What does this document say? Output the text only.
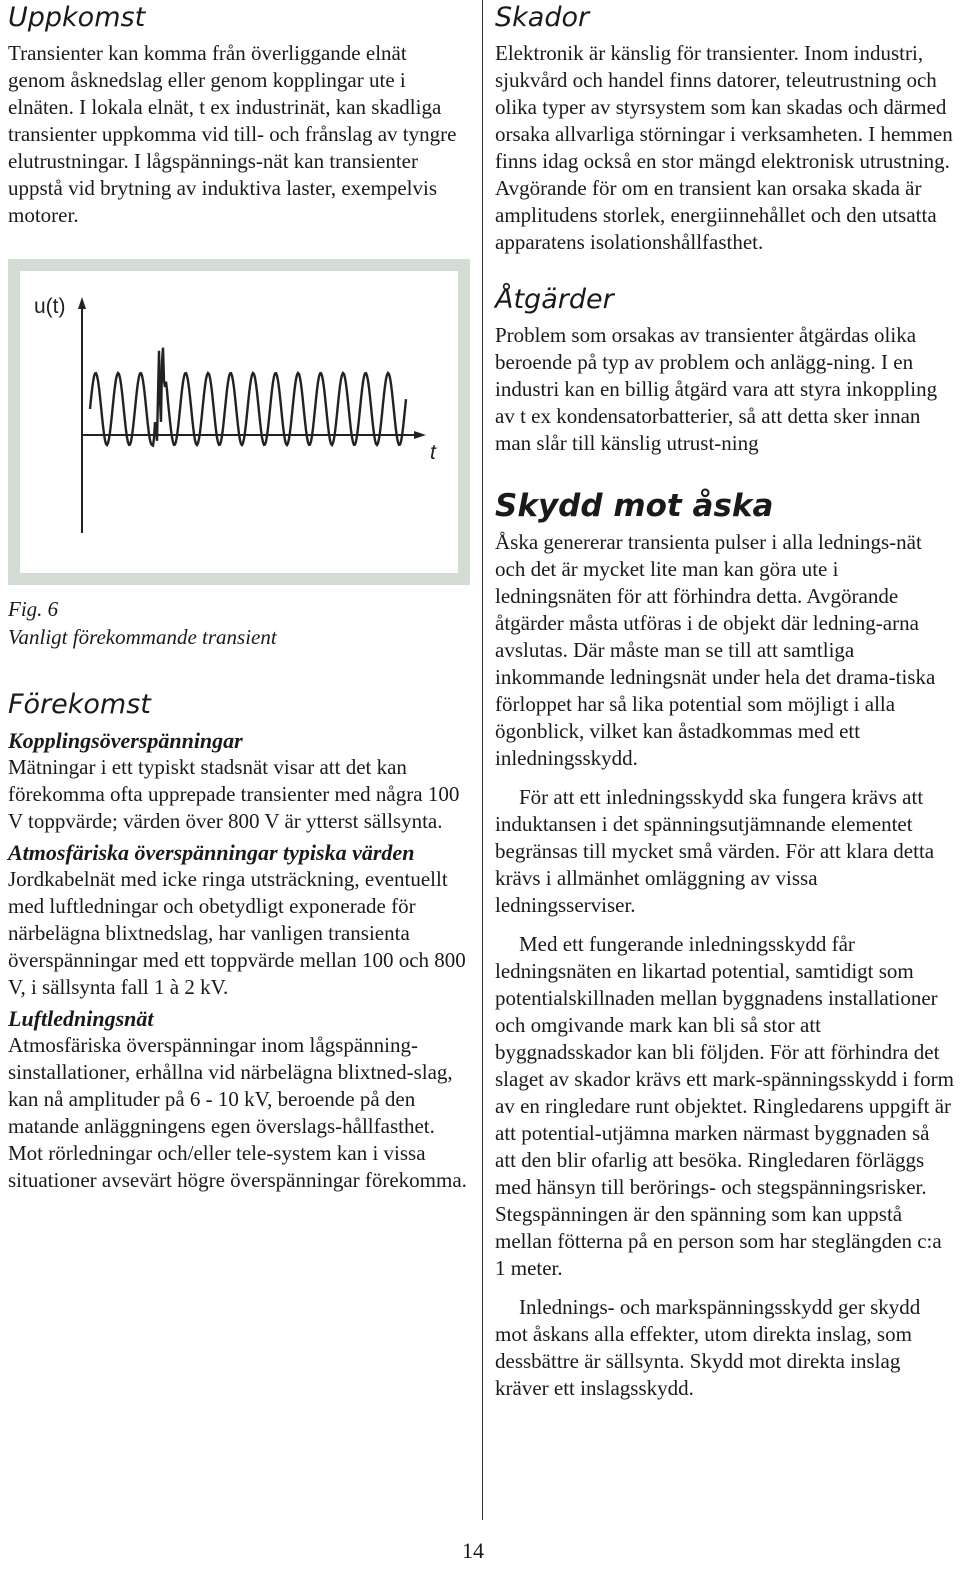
Uppkomst

Transienter kan komma från överliggande elnät genom åsknedslag eller genom kopplingar ute i elnäten. I lokala elnät, t ex industrinät, kan skadliga transienter uppkomma vid till- och frånslag av tyngre elutrustningar. I lågspännings-nät kan transienter uppstå vid brytning av induktiva laster, exempelvis motorer.

u(t)
t
Fig. 6
Vanligt förekommande transient
Förekomst
Kopplingsöverspänningar

Mätningar i ett typiskt stadsnät visar att det kan förekomma ofta upprepade transienter med några 100 V toppvärde; värden över 800 V är ytterst sällsynta.

Atmosfäriska överspänningar typiska värden

Jordkabelnät med icke ringa utsträckning, eventuellt med luftledningar och obetydligt exponerade för närbelägna blixtnedslag, har vanligen transienta överspänningar med ett toppvärde mellan 100 och 800 V, i sällsynta fall 1 à 2 kV.

Luftledningsnät

Atmosfäriska överspänningar inom lågspänning-sinstallationer, erhållna vid närbelägna blixtned-slag, kan nå amplituder på 6 - 10 kV, beroende på den matande anläggningens egen överslags-hållfasthet. Mot rörledningar och/eller tele-system kan i vissa situationer avsevärt högre överspänningar förekomma.

Skador

Elektronik är känslig för transienter. Inom industri, sjukvård och handel finns datorer, teleutrustning och olika typer av styrsystem som kan skadas och därmed orsaka allvarliga störningar i verksamheten. I hemmen finns idag också en stor mängd elektronisk utrustning. Avgörande för om en transient kan orsaka skada är amplitudens storlek, energiinnehållet och den utsatta apparatens isolationshållfasthet.

Åtgärder

Problem som orsakas av transienter åtgärdas olika beroende på typ av problem och anlägg-ning. I en industri kan en billig åtgärd vara att styra inkoppling av t ex kondensatorbatterier, så att detta sker innan man slår till känslig utrust-ning

Skydd mot åska

Åska genererar transienta pulser i alla lednings-nät och det är mycket lite man kan göra ute i ledningsnäten för att förhindra detta. Avgörande åtgärder måsta utföras i de objekt där ledning-arna avslutas. Där måste man se till att samtliga inkommande ledningsnät under hela det drama-tiska förloppet har så lika potential som möjligt i alla ögonblick, vilket kan åstadkommas med ett inledningsskydd.

För att ett inledningsskydd ska fungera krävs att induktansen i det spänningsutjämnande elementet begränsas till mycket små värden. För att klara detta krävs i allmänhet omläggning av vissa ledningsserviser.

Med ett fungerande inledningsskydd får ledningsnäten en likartad potential, samtidigt som potentialskillnaden mellan byggnadens installationer och omgivande mark kan bli så stor att byggnadsskador kan bli följden. För att förhindra det slaget av skador krävs ett mark-spänningsskydd i form av en ringledare runt objektet. Ringledarens uppgift är att potential-utjämna marken närmast byggnaden så att den blir ofarlig att besöka. Ringledaren förläggs med hänsyn till berörings- och stegspänningsrisker. Stegspänningen är den spänning som kan uppstå mellan fötterna på en person som har steglängden c:a 1 meter.

Inlednings- och markspänningsskydd ger skydd mot åskans alla effekter, utom direkta inslag, som dessbättre är sällsynta. Skydd mot direkta inslag kräver ett inslagsskydd.

14
